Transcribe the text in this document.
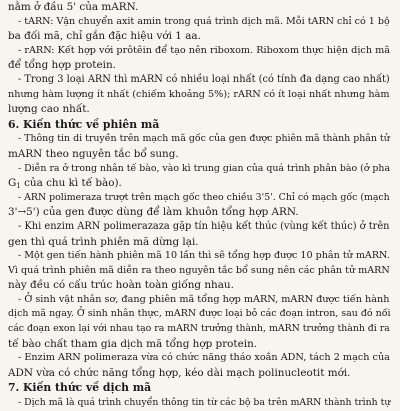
nằm ở đầu 5' của mARN.
- tARN: Vận chuyển axit amin trong quá trình dịch mã. Mỗi tARN chỉ có 1 bộ
ba đối mã, chỉ gắn đặc hiệu với 1 aa.
- rARN: Kết hợp với prôtêin để tạo nên riboxom. Riboxom thực hiện dịch mã
để tổng hợp protein.
- Trong 3 loại ARN thì mARN có nhiều loại nhất (có tính đa dạng cao nhất)
nhưng hàm lượng ít nhất (chiếm khoảng 5%); rARN có ít loại nhất nhưng hàm
lượng cao nhất.
6. Kiến thức về phiên mã
- Thông tin di truyền trên mạch mã gốc của gen được phiên mã thành phân tử
mARN theo nguyên tắc bổ sung.
- Diễn ra ở trong nhân tế bào, vào kì trung gian của quá trình phân bào (ở pha
$G_1$ của chu kì tế bào).
- ARN polimeraza trượt trên mạch gốc theo chiều 3'5'. Chỉ có mạch gốc (mạch
3'→5') của gen được dùng để làm khuôn tổng hợp ARN.
- Khi enzim ARN polimerazaza gặp tín hiệu kết thúc (vùng kết thúc) ở trên
gen thì quá trình phiên mã dừng lại.
- Một gen tiến hành phiên mã 10 lần thì sẽ tổng hợp được 10 phân tử mARN.
Vì quá trình phiên mã diễn ra theo nguyên tắc bổ sung nên các phân tử mARN
này đều có cấu trúc hoàn toàn giống nhau.
- Ở sinh vật nhân sơ, đang phiên mã tổng hợp mARN, mARN được tiến hành
dịch mã ngay. Ở sinh nhân thực, mARN được loại bỏ các đoạn intron, sau đó nối
các đoạn exon lại với nhau tạo ra mARN trưởng thành, mARN trưởng thành đi ra
tế bào chất tham gia dịch mã tổng hợp protein.
- Enzim ARN polimeraza vừa có chức năng tháo xoắn ADN, tách 2 mạch của
ADN vừa có chức năng tổng hợp, kéo dài mạch polinucleotit mới.
7. Kiến thức về dịch mã
- Dịch mã là quá trình chuyển thông tin từ các bộ ba trên mARN thành trình tự
